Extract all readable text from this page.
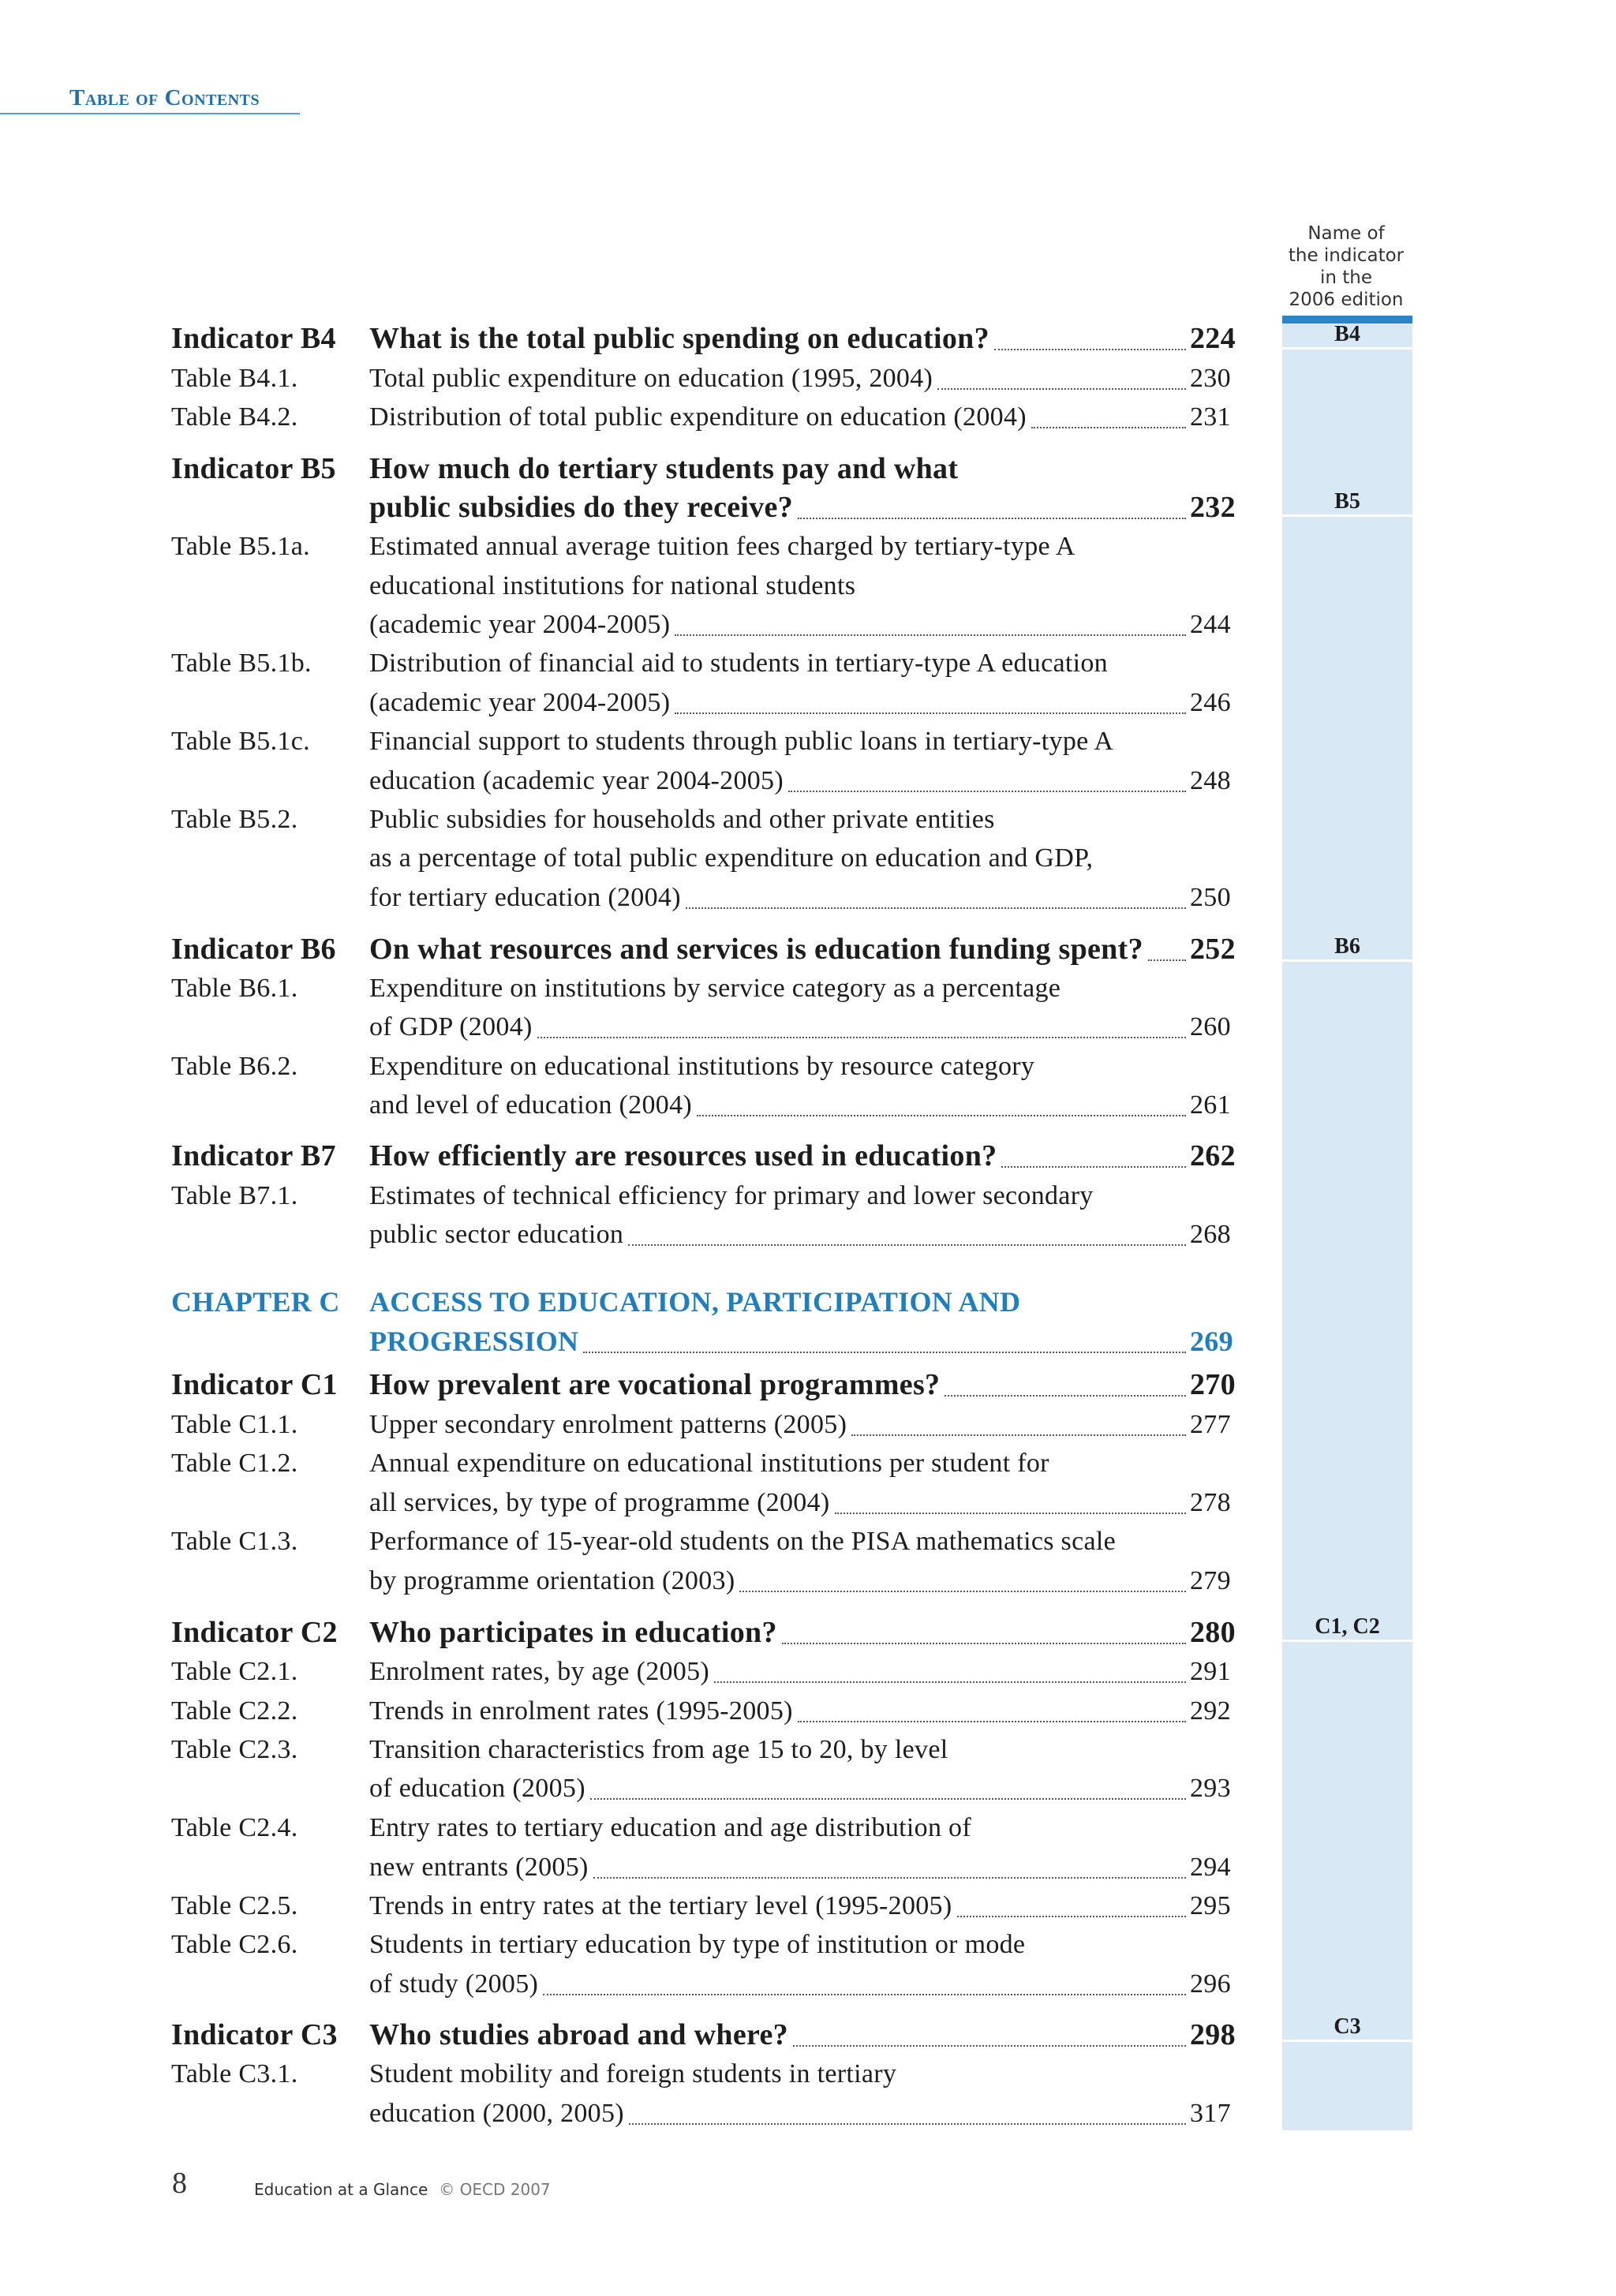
Table of Contents
Name of
the indicator
in the
2006 edition
B4
B5
B6
C1, C2
C3
Indicator B4 What is the total public spending on education?	224
Table B4.1.	Total public expenditure on education (1995, 2004)	230
Table B4.2.	Distribution of total public expenditure on education (2004)	231
Indicator B5 How much do tertiary students pay and what
public subsidies do they receive?	232
Table B5.1a. Estimated annual average tuition fees charged by tertiary-type A
educational institutions for national students
(academic year 2004-2005)	244
Table B5.1b. Distribution of financial aid to students in tertiary-type A education
(academic year 2004-2005)	246
Table B5.1c. Financial support to students through public loans in tertiary-type A
education (academic year 2004-2005)	248
Table B5.2.	Public subsidies for households and other private entities
as a percentage of total public expenditure on education and GDP,
for tertiary education (2004)	250
Indicator B6 On what resources and services is education funding spent? 252
Table B6.1.	Expenditure on institutions by service category as a percentage
of GDP (2004)	260
Table B6.2.	Expenditure on educational institutions by resource category
and level of education (2004)	261
Indicator B7 How efficiently are resources used in education?	262
Table B7.1.	Estimates of technical efficiency for primary and lower secondary
public sector education	268
CHAPTER C ACCESS TO EDUCATION, PARTICIPATION AND
PROGRESSION	269
Indicator C1 How prevalent are vocational programmes?	270
Table C1.1.	Upper secondary enrolment patterns (2005)	277
Table C1.2.	Annual expenditure on educational institutions per student for
all services, by type of programme (2004)	278
Table C1.3.	Performance of 15-year-old students on the PISA mathematics scale
by programme orientation (2003)	279
Indicator C2 Who participates in education?	280
Table C2.1.	Enrolment rates, by age (2005)	291
Table C2.2.	Trends in enrolment rates (1995-2005)	292
Table C2.3.	Transition characteristics from age 15 to 20, by level
of education (2005)	293
Table C2.4.	Entry rates to tertiary education and age distribution of
new entrants (2005)	294
Table C2.5.	Trends in entry rates at the tertiary level (1995-2005)	295
Table C2.6.	Students in tertiary education by type of institution or mode
of study (2005)	296
Indicator C3 Who studies abroad and where?	298
Table C3.1.	Student mobility and foreign students in tertiary
education (2000, 2005)	317
8	Education at a Glance © OECD 2007
